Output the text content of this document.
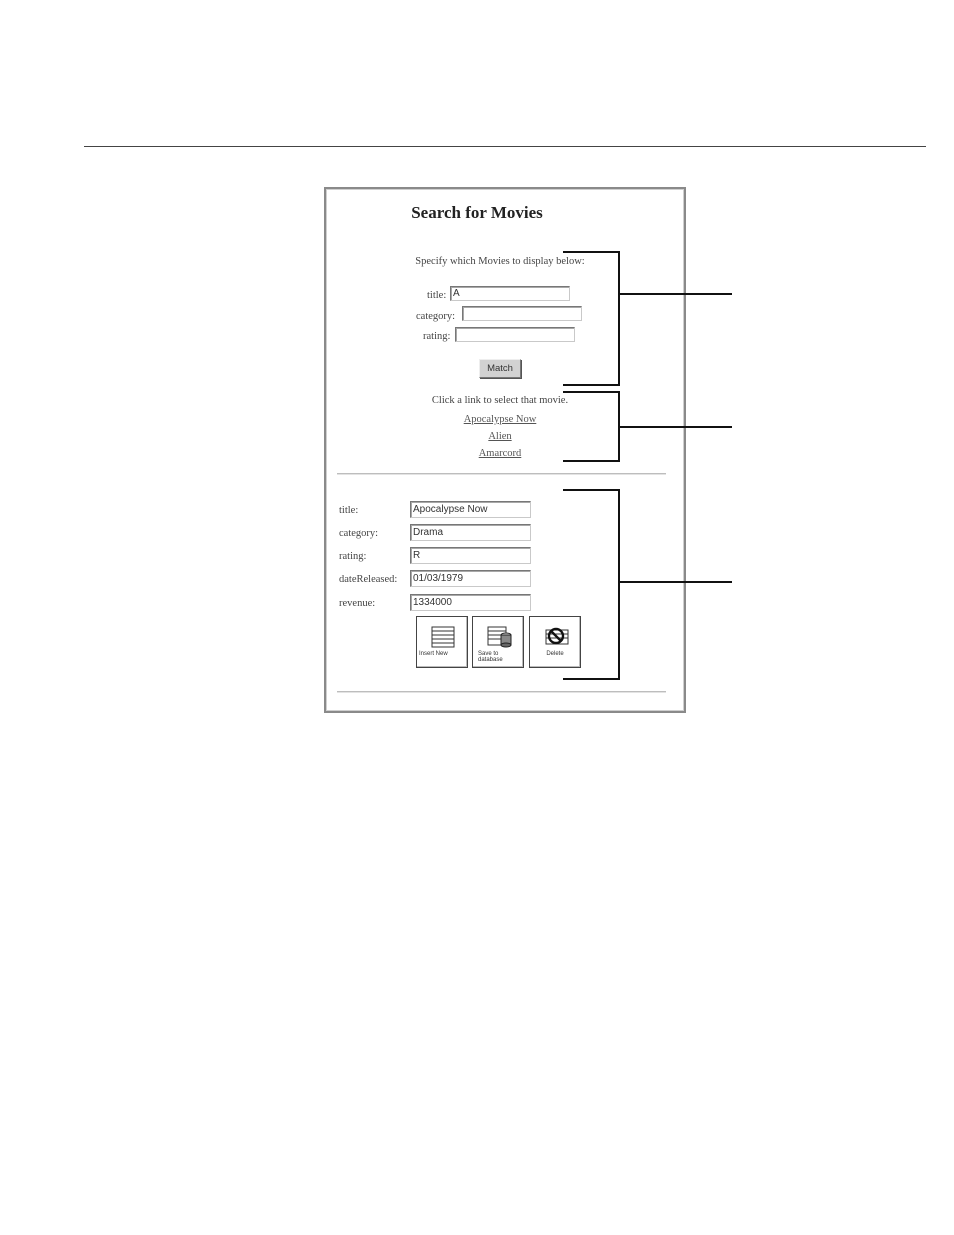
Search for Movies
Specify which Movies to display below:
title:
A
category:
rating:
Match
Click a link to select that movie.
Apocalypse Now
Alien
Amarcord
title:
Apocalypse Now
category:
Drama
rating:
R
dateReleased:
01/03/1979
revenue:
1334000
Insert New	Save to database
Delete
